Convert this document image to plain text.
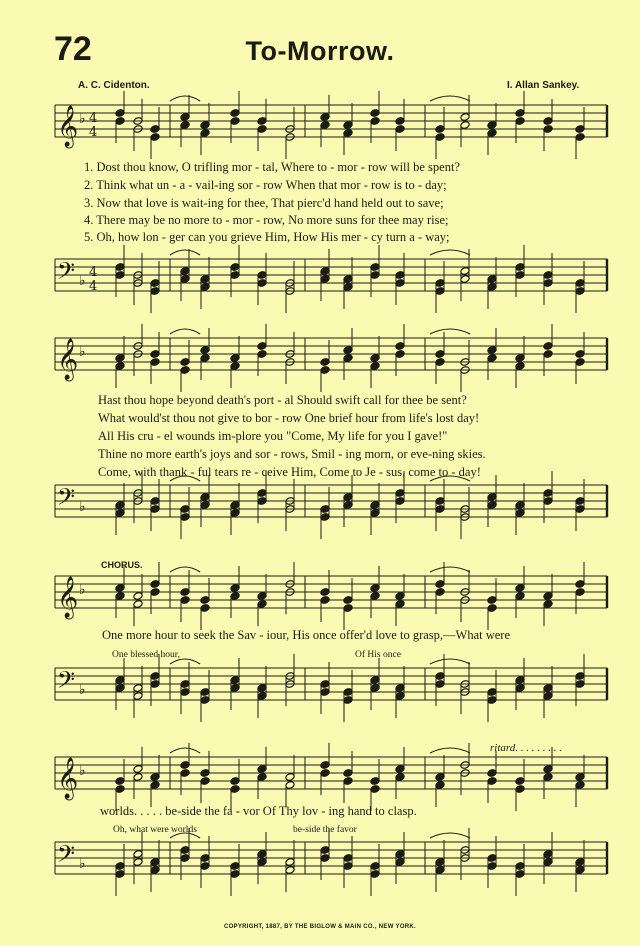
72	To-Morrow.
A. C. Cidenton.	I. Allan Sankey.
𝄞 ♭ 4
4
𝄢 ♭
4
4
𝄞 ♭
𝄢 ♭
𝄞 ♭
𝄢 ♭
𝄞 ♭
𝄢 ♭
1. Dost thou know, O trifling mor - tal, Where to - mor - row will be spent?
2. Think what un - a - vail-ing sor - row When that mor - row is to - day;
3. Now that love is wait-ing for thee, That pierc'd hand held out to save;
4. There may be no more to - mor - row, No more suns for thee may rise;
5. Oh, how lon - ger can you grieve Him, How His mer - cy turn a - way;
Hast thou hope beyond death's port - al Should swift call for thee be sent?
What would'st thou not give to bor - row One brief hour from life's lost day!
All His cru - el wounds im-plore you "Come, My life for you I gave!"
Thine no more earth's joys and sor - rows, Smil - ing morn, or eve-ning skies.
Come, with thank - ful tears re - ceive Him, Come to Je - sus, come to - day!
CHORUS.
One more hour to seek the Sav - iour, His once offer'd love to grasp,—What were
One blessed hour,	Of His once
ritard. . . . . . . . .
worlds. . . . . be-side the fa - vor Of Thy lov - ing hand to clasp.
Oh, what were worlds	be-side the favor
COPYRIGHT, 1887, BY THE BIGLOW & MAIN CO., NEW YORK.
